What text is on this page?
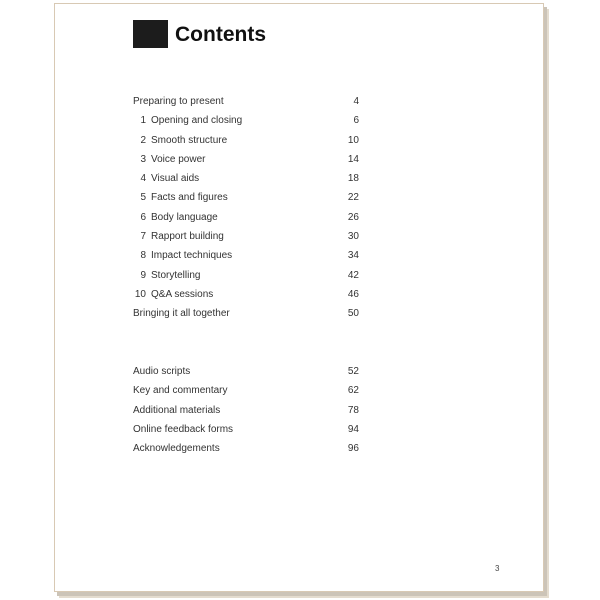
Contents
Preparing to present	4
1 Opening and closing	6
2 Smooth structure	10
3 Voice power	14
4 Visual aids	18
5 Facts and figures	22
6 Body language	26
7 Rapport building	30
8 Impact techniques	34
9 Storytelling	42
10 Q&A sessions	46
Bringing it all together	50
Audio scripts	52
Key and commentary	62
Additional materials	78
Online feedback forms	94
Acknowledgements	96
3
